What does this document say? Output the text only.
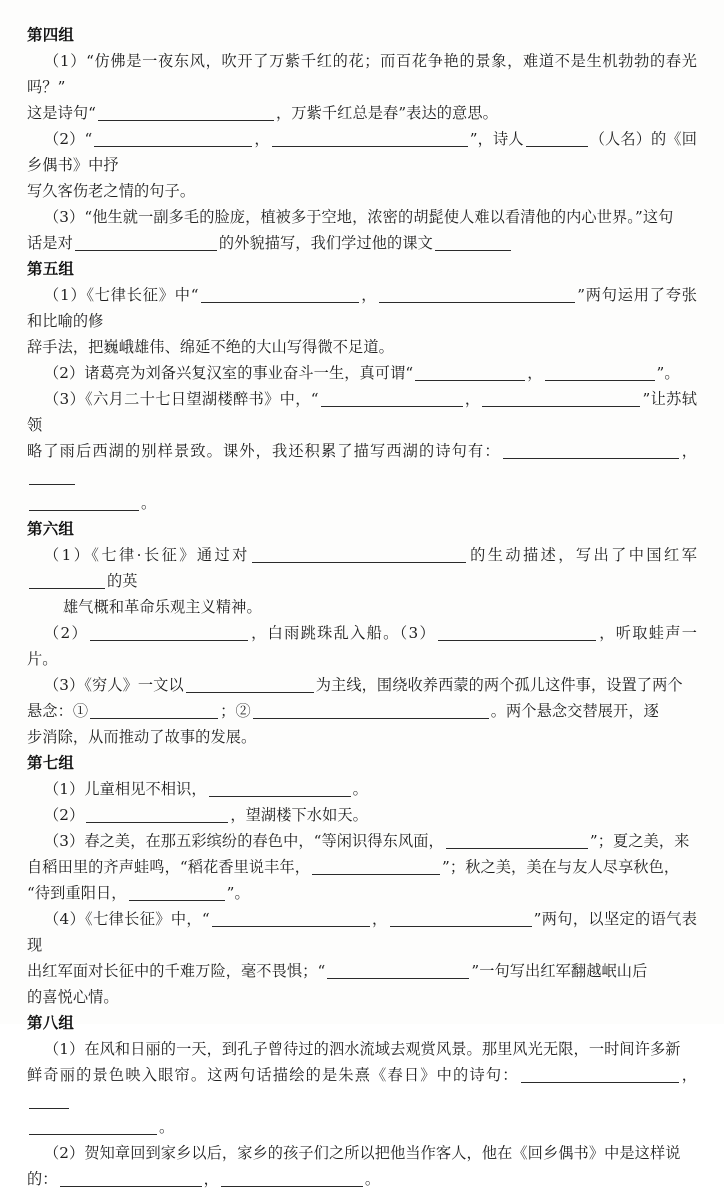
第四组
（1）“仿佛是一夜东风，吹开了万紫千红的花；而百花争艳的景象，难道不是生机勃勃的春光吗？”
这是诗句“	，万紫千红总是春”表达的意思。
（2）“	，	”，诗人	（人名）的《回乡偶书》中抒
写久客伤老之情的句子。
（3）“他生就一副多毛的脸庞，植被多于空地，浓密的胡髭使人难以看清他的内心世界。”这句
话是对	的外貌描写，我们学过他的课文
第五组
（1）《七律长征》中“	，	”两句运用了夸张和比喻的修
辞手法，把巍峨雄伟、绵延不绝的大山写得微不足道。
（2）诸葛亮为刘备兴复汉室的事业奋斗一生，真可谓“	，	”。
（3）《六月二十七日望湖楼醉书》中，“	，	”让苏轼领
略了雨后西湖的别样景致。课外，我还积累了描写西湖的诗句有：	，
。
第六组
（1）《七律·长征》通过对	的生动描述，写出了中国红军的英
雄气概和革命乐观主义精神。
（2）	，白雨跳珠乱入船。（3）	，听取蛙声一片。
（3）《穷人》一文以	为主线，围绕收养西蒙的两个孤儿这件事，设置了两个
悬念：①	；②	。两个悬念交替展开，逐
步消除，从而推动了故事的发展。
第七组
（1）儿童相见不相识，	。
（2）	，望湖楼下水如天。
（3）春之美，在那五彩缤纷的春色中，“等闲识得东风面，	”；夏之美，来
自稻田里的齐声蛙鸣，“稻花香里说丰年，	”；秋之美，美在与友人尽享秋色，
“待到重阳日，	”。
（4）《七律长征》中，“	，	”两句，以坚定的语气表现
出红军面对长征中的千难万险，毫不畏惧；“	”一句写出红军翻越岷山后
的喜悦心情。
第八组
（1）在风和日丽的一天，到孔子曾待过的泗水流域去观赏风景。那里风光无限，一时间许多新
鲜奇丽的景色映入眼帘。这两句话描绘的是朱熹《春日》中的诗句：	，
。
（2）贺知章回到家乡以后，家乡的孩子们之所以把他当作客人，他在《回乡偶书》中是这样说
的：	，	。
